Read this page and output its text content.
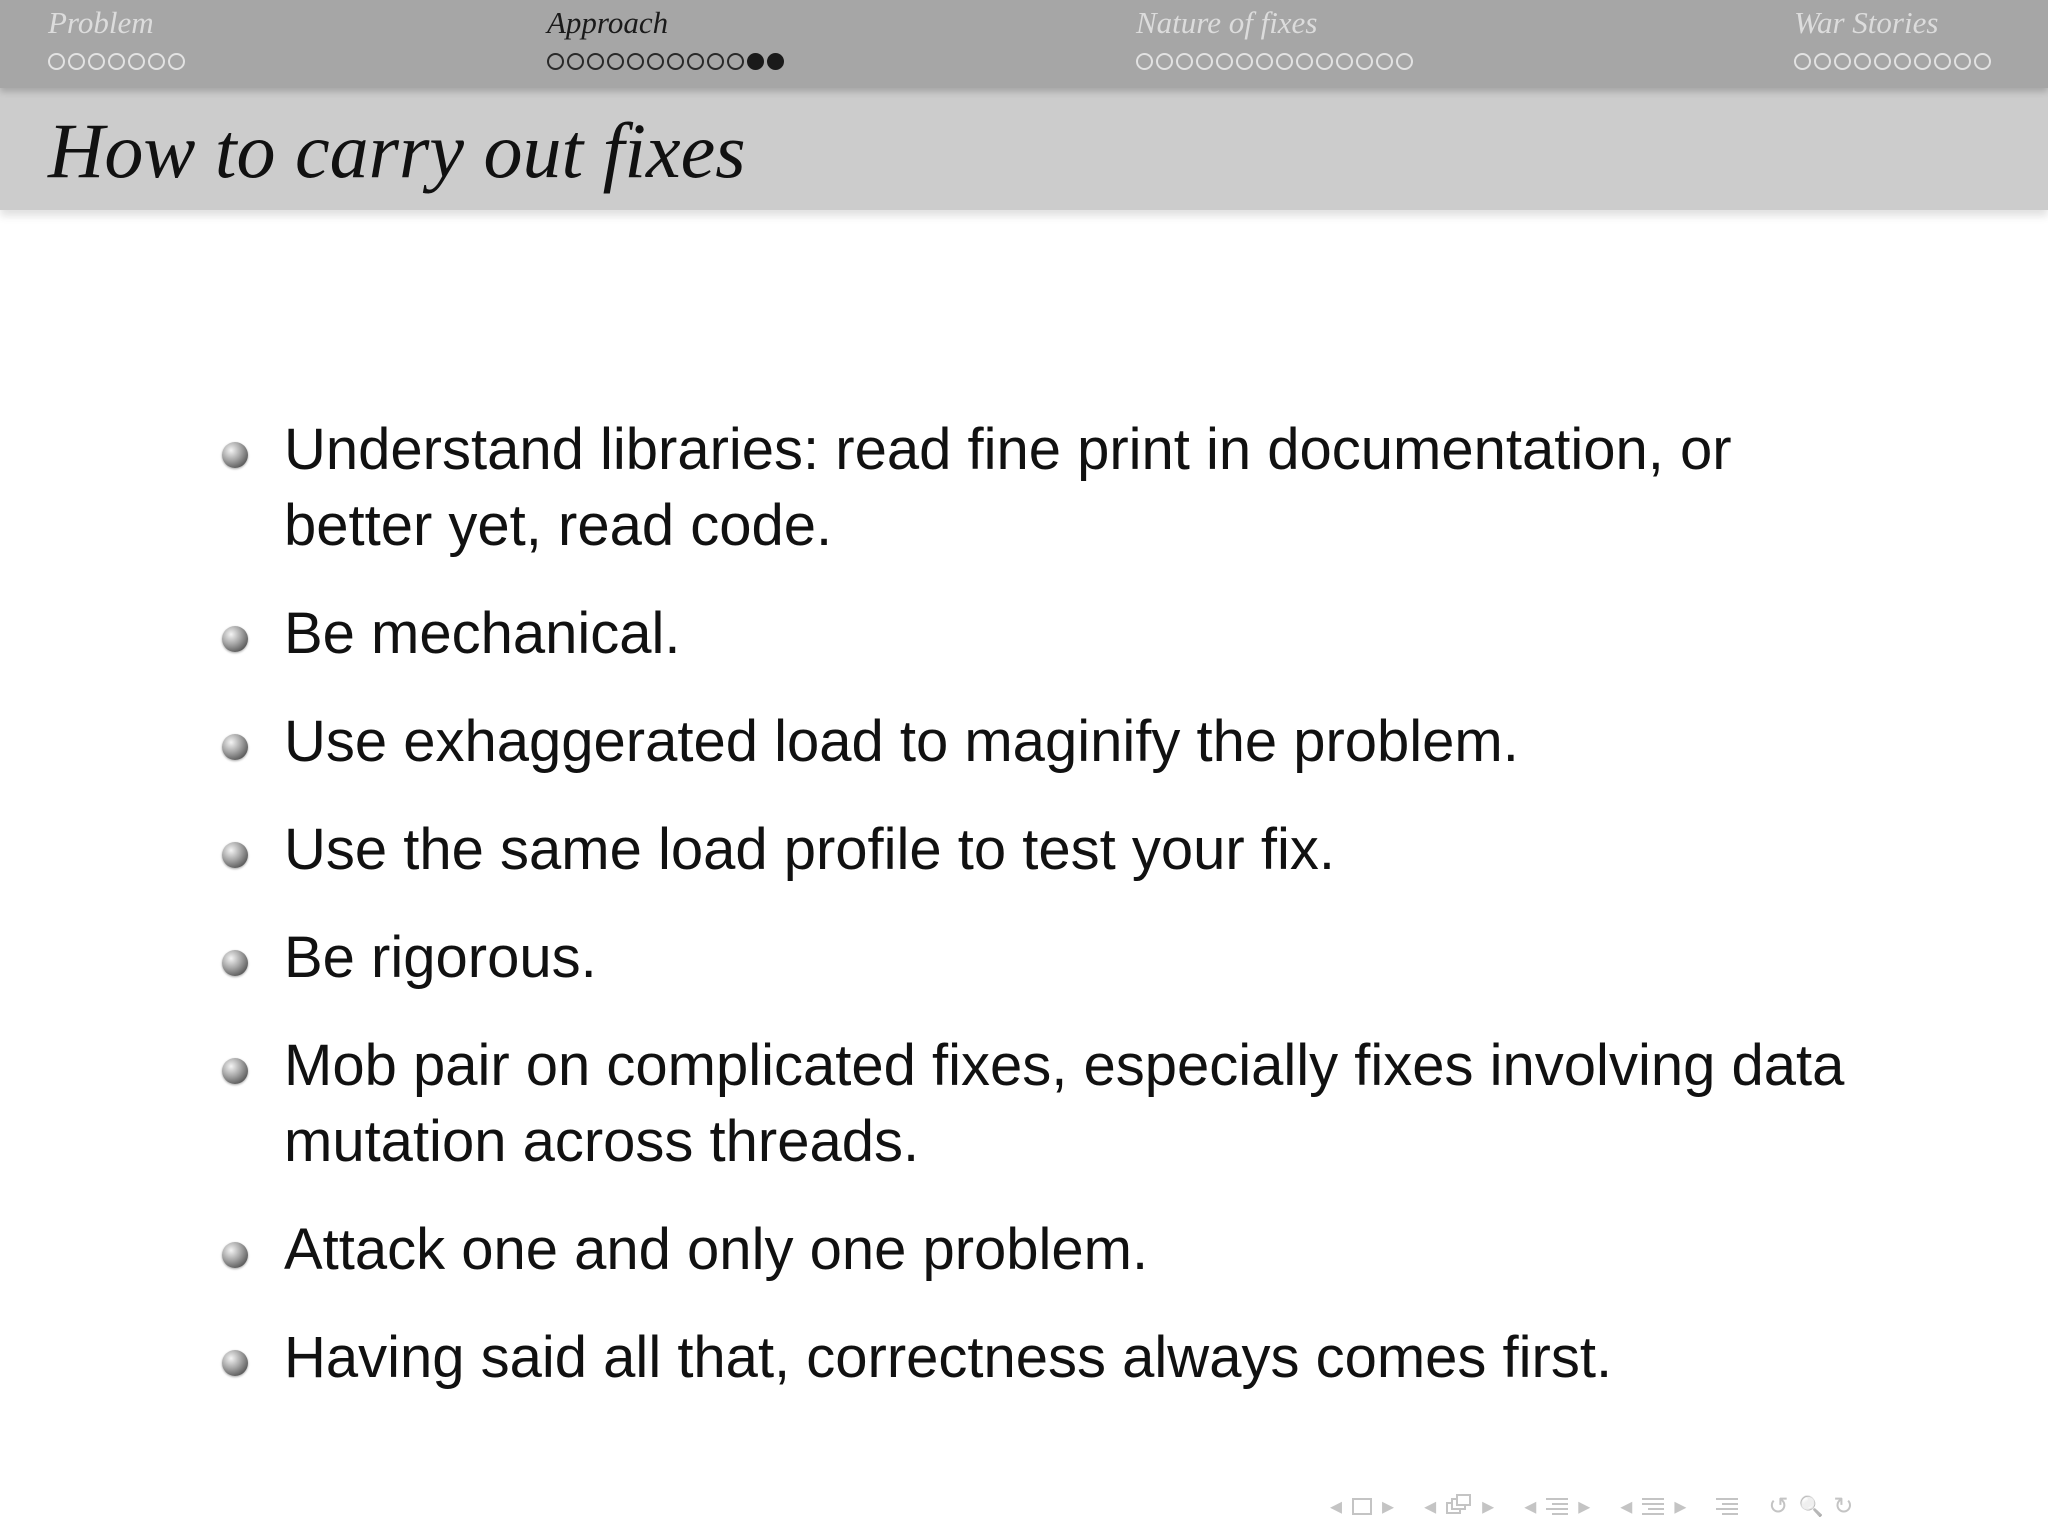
Problem	Approach	Nature of fixes	War Stories
How to carry out fixes
Understand libraries: read fine print in documentation, or better yet, read code.
Be mechanical.
Use exhaggerated load to maginify the problem.
Use the same load profile to test your fix.
Be rigorous.
Mob pair on complicated fixes, especially fixes involving data mutation across threads.
Attack one and only one problem.
Having said all that, correctness always comes first.
◂ ▸ ◂ ▸ ◂ ▸ ◂ ▸	↺ 🔍 ↻
